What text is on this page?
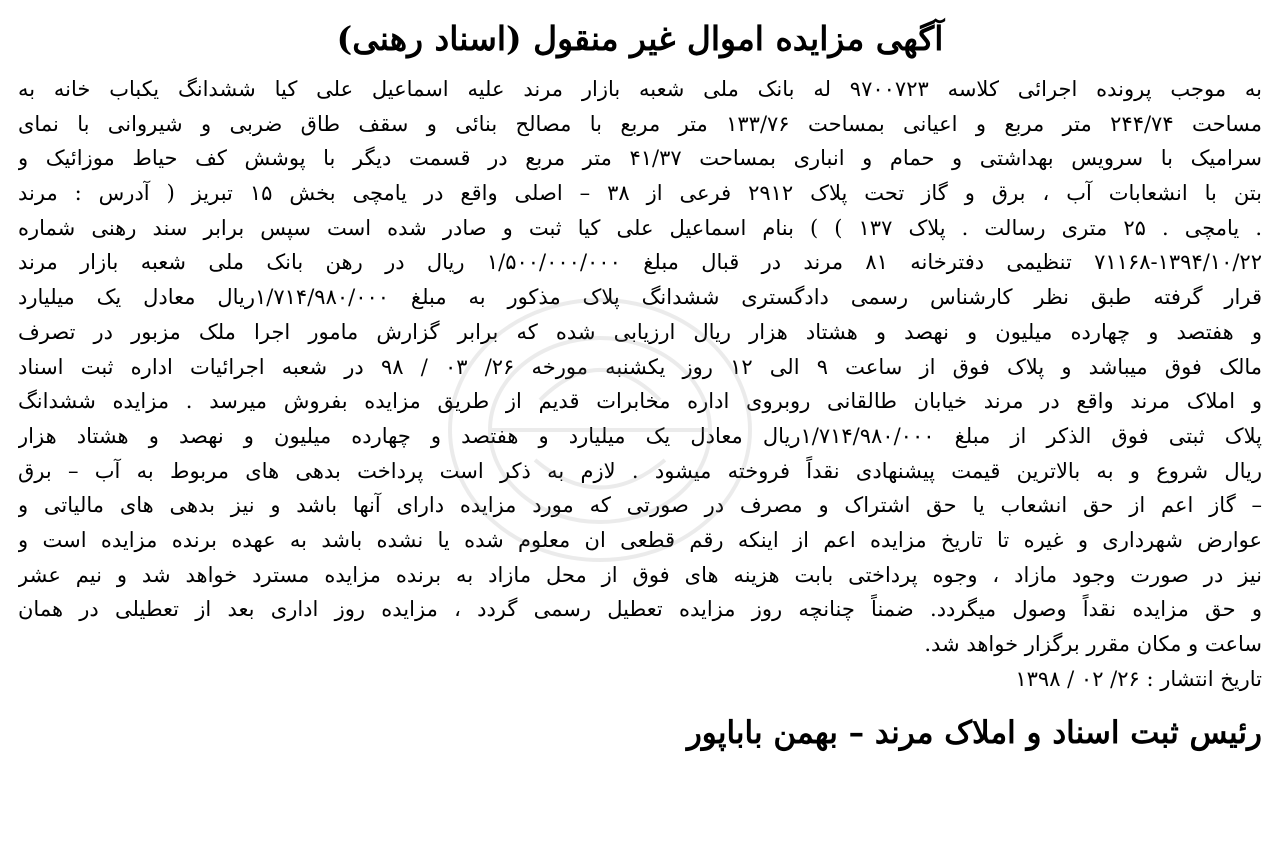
آگهی مزایده اموال غیر منقول (اسناد رهنی)
به موجب پرونده اجرائی کلاسه ۹۷۰۰۷۲۳ له بانک ملی شعبه بازار مرند علیه اسماعیل علی کیا ششدانگ یکباب خانه به
مساحت ۲۴۴/۷۴ متر مربع و اعیانی بمساحت ۱۳۳/۷۶ متر مربع با مصالح بنائی و سقف طاق ضربی و شیروانی با نمای
سرامیک با سرویس بهداشتی و حمام و انباری بمساحت ۴۱/۳۷ متر مربع در قسمت دیگر با پوشش کف حیاط موزائیک و
بتن با انشعابات آب ، برق و گاز تحت پلاک ۲۹۱۲ فرعی از ۳۸ – اصلی واقع در یامچی بخش ۱۵ تبریز ( آدرس : مرند
. یامچی . ۲۵ متری رسالت . پلاک ۱۳۷ ) ) بنام اسماعیل علی کیا ثبت و صادر شده است سپس برابر سند رهنی شماره
۷۱۱۶۸-۱۳۹۴/۱۰/۲۲ تنظیمی دفترخانه ۸۱ مرند در قبال مبلغ ۱/۵۰۰/۰۰۰/۰۰۰ ریال در رهن بانک ملی شعبه بازار مرند
قرار گرفته طبق نظر کارشناس رسمی دادگستری ششدانگ پلاک مذکور به مبلغ ۱/۷۱۴/۹۸۰/۰۰۰ریال معادل یک میلیارد
و هفتصد و چهارده میلیون و نهصد و هشتاد هزار ریال ارزیابی شده که برابر گزارش مامور اجرا ملک مزبور در تصرف
مالک فوق میباشد و پلاک فوق از ساعت ۹ الی ۱۲ روز یکشنبه مورخه ۲۶/ ۰۳ / ۹۸ در شعبه اجرائیات اداره ثبت اسناد
و املاک مرند واقع در مرند خیابان طالقانی روبروی اداره مخابرات قدیم از طریق مزایده بفروش میرسد . مزایده ششدانگ
پلاک ثبتی فوق الذکر از مبلغ ۱/۷۱۴/۹۸۰/۰۰۰ریال معادل یک میلیارد و هفتصد و چهارده میلیون و نهصد و هشتاد هزار
ریال شروع و به بالاترین قیمت پیشنهادی نقداً فروخته میشود . لازم به ذکر است پرداخت بدهی های مربوط به آب – برق
– گاز اعم از حق انشعاب یا حق اشتراک و مصرف در صورتی که مورد مزایده دارای آنها باشد و نیز بدهی های مالیاتی و
عوارض شهرداری و غیره تا تاریخ مزایده اعم از اینکه رقم قطعی ان معلوم شده یا نشده باشد به عهده برنده مزایده است و
نیز در صورت وجود مازاد ، وجوه پرداختی بابت هزینه های فوق از محل مازاد به برنده مزایده مسترد خواهد شد و نیم عشر
و حق مزایده نقداً وصول میگردد. ضمناً چنانچه روز مزایده تعطیل رسمی گردد ، مزایده روز اداری بعد از تعطیلی در همان
ساعت و مکان مقرر برگزار خواهد شد.
تاریخ انتشار : ۲۶/ ۰۲ / ۱۳۹۸
رئیس ثبت اسناد و املاک مرند – بهمن باباپور
